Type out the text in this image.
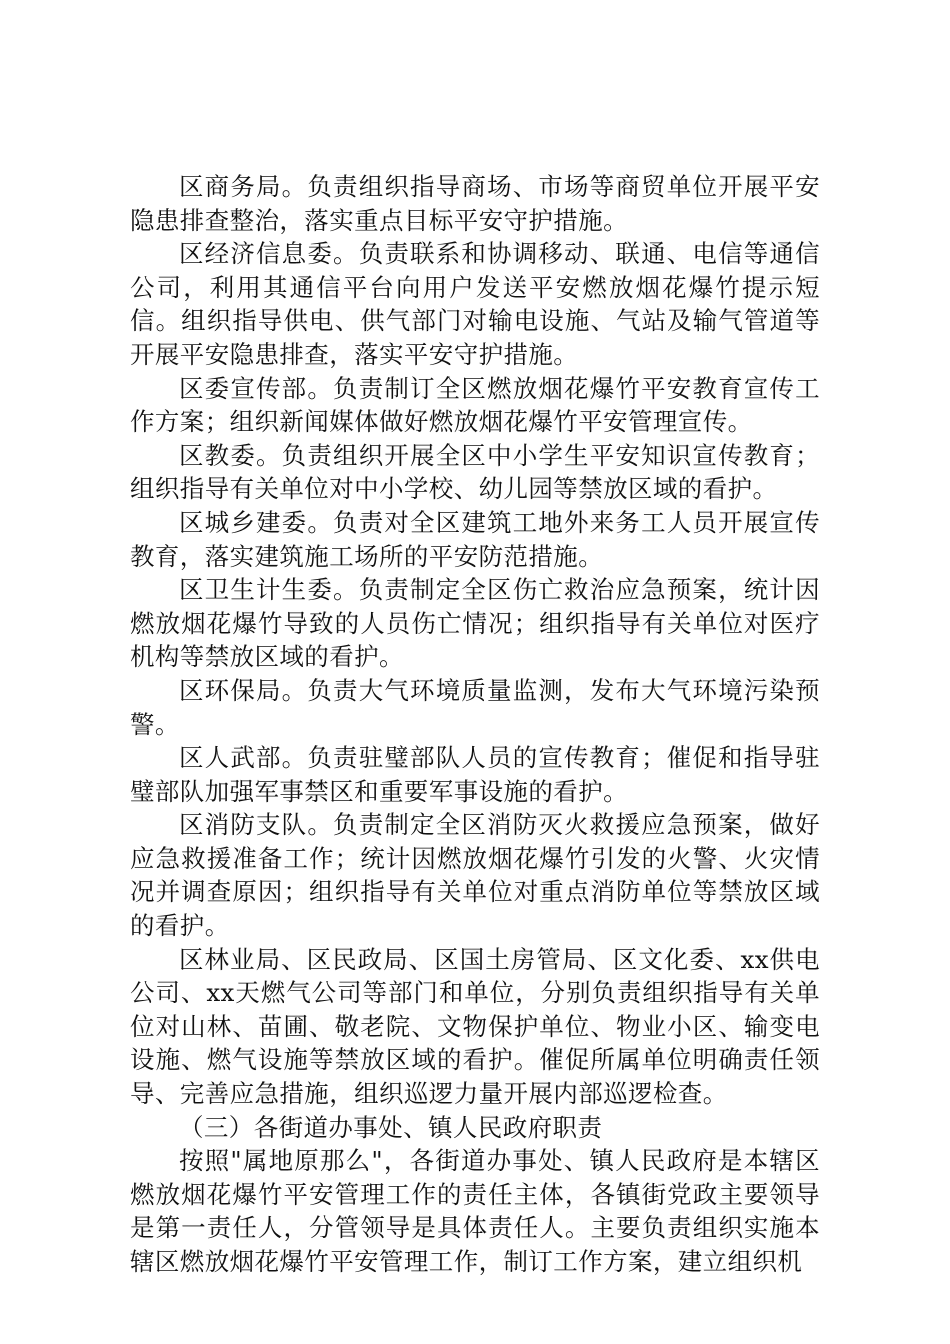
区商务局。负责组织指导商场、市场等商贸单位开展平安隐患排查整治，落实重点目标平安守护措施。

区经济信息委。负责联系和协调移动、联通、电信等通信公司，利用其通信平台向用户发送平安燃放烟花爆竹提示短信。组织指导供电、供气部门对输电设施、气站及输气管道等开展平安隐患排查，落实平安守护措施。

区委宣传部。负责制订全区燃放烟花爆竹平安教育宣传工作方案；组织新闻媒体做好燃放烟花爆竹平安管理宣传。

区教委。负责组织开展全区中小学生平安知识宣传教育；组织指导有关单位对中小学校、幼儿园等禁放区域的看护。

区城乡建委。负责对全区建筑工地外来务工人员开展宣传教育，落实建筑施工场所的平安防范措施。

区卫生计生委。负责制定全区伤亡救治应急预案，统计因燃放烟花爆竹导致的人员伤亡情况；组织指导有关单位对医疗机构等禁放区域的看护。

区环保局。负责大气环境质量监测，发布大气环境污染预警。

区人武部。负责驻璧部队人员的宣传教育；催促和指导驻璧部队加强军事禁区和重要军事设施的看护。

区消防支队。负责制定全区消防灭火救援应急预案，做好应急救援准备工作；统计因燃放烟花爆竹引发的火警、火灾情况并调查原因；组织指导有关单位对重点消防单位等禁放区域的看护。

区林业局、区民政局、区国土房管局、区文化委、xx供电公司、xx天燃气公司等部门和单位，分别负责组织指导有关单位对山林、苗圃、敬老院、文物保护单位、物业小区、输变电设施、燃气设施等禁放区域的看护。催促所属单位明确责任领导、完善应急措施，组织巡逻力量开展内部巡逻检查。

（三）各街道办事处、镇人民政府职责

按照"属地原那么"，各街道办事处、镇人民政府是本辖区燃放烟花爆竹平安管理工作的责任主体，各镇街党政主要领导是第一责任人，分管领导是具体责任人。主要负责组织实施本辖区燃放烟花爆竹平安管理工作，制订工作方案，建立组织机
